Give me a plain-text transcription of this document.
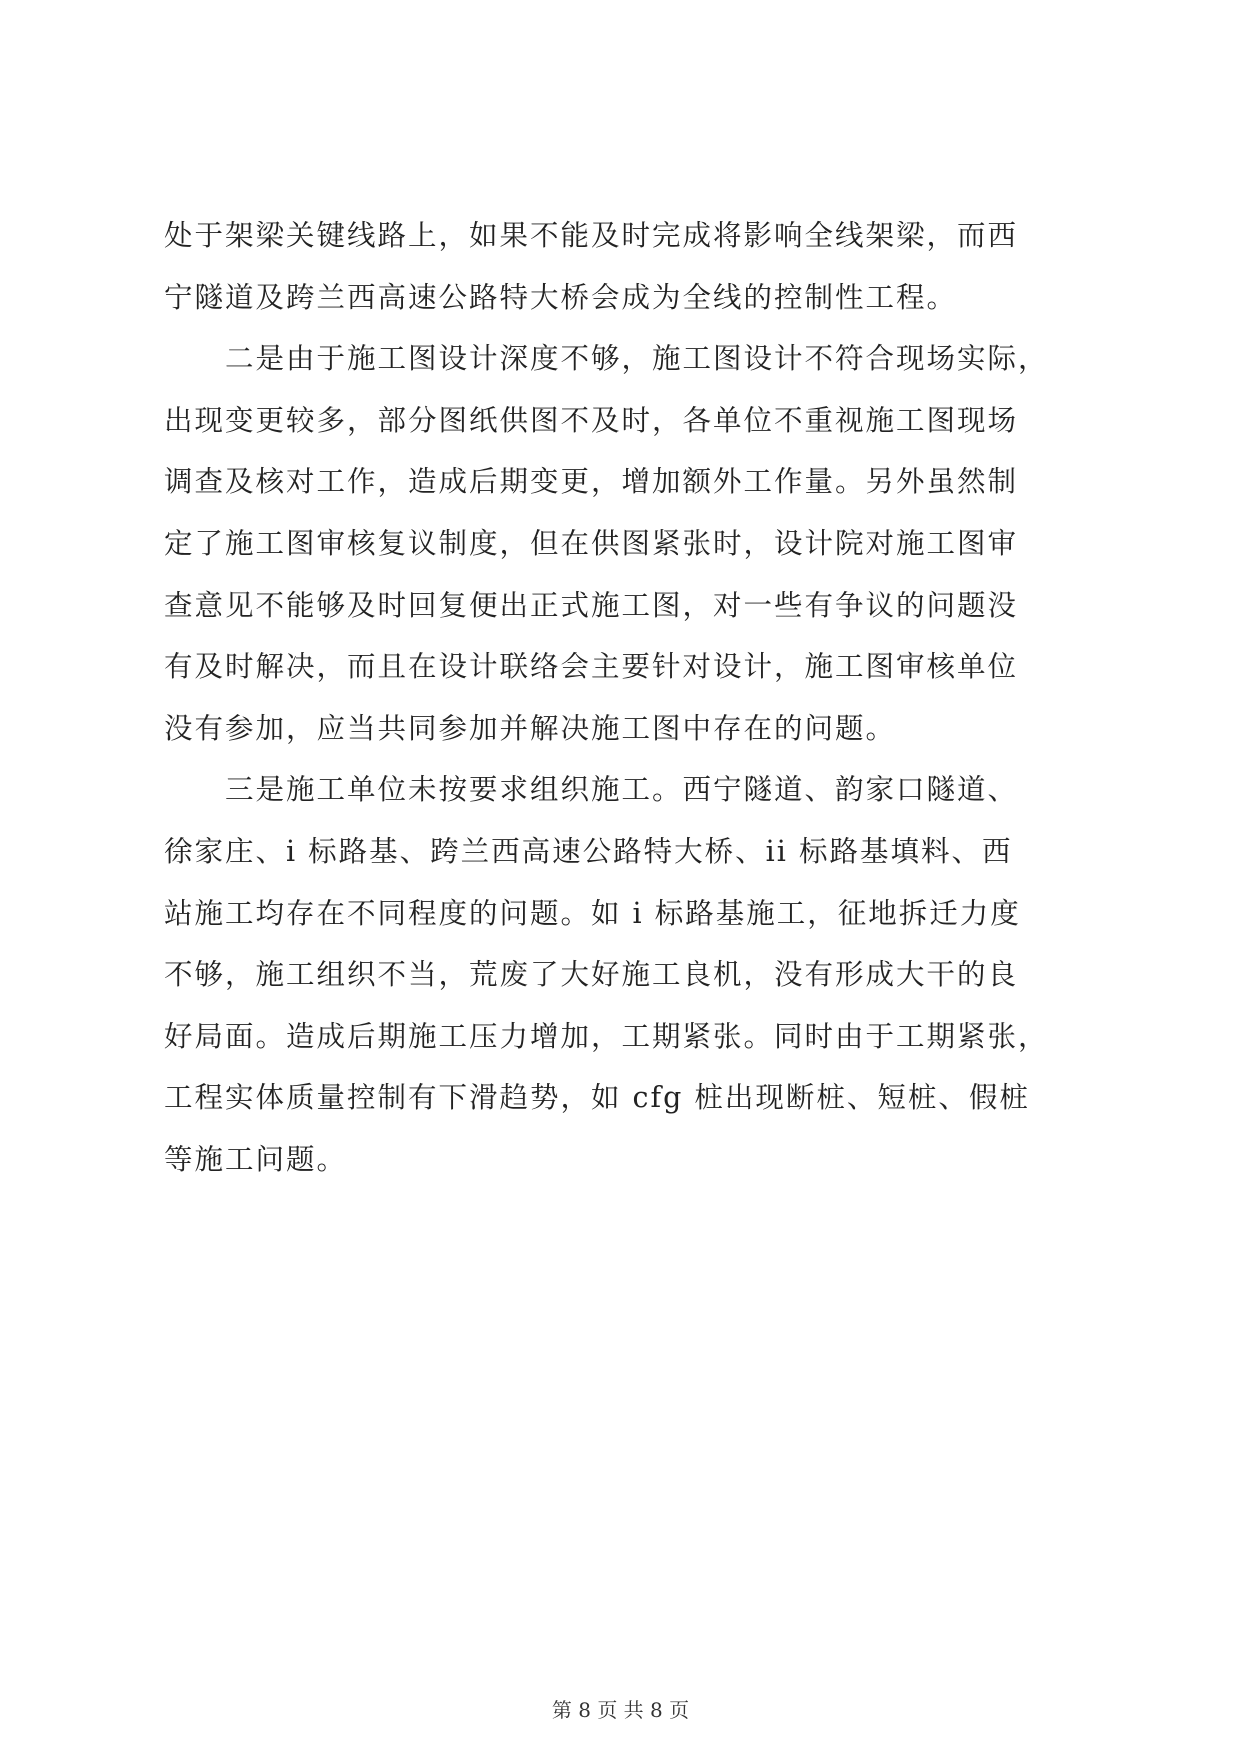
处于架梁关键线路上，如果不能及时完成将影响全线架梁，而西
宁隧道及跨兰西高速公路特大桥会成为全线的控制性工程。
　　二是由于施工图设计深度不够，施工图设计不符合现场实际，
出现变更较多，部分图纸供图不及时，各单位不重视施工图现场
调查及核对工作，造成后期变更，增加额外工作量。另外虽然制
定了施工图审核复议制度，但在供图紧张时，设计院对施工图审
查意见不能够及时回复便出正式施工图，对一些有争议的问题没
有及时解决，而且在设计联络会主要针对设计，施工图审核单位
没有参加，应当共同参加并解决施工图中存在的问题。
　　三是施工单位未按要求组织施工。西宁隧道、韵家口隧道、
徐家庄、i 标路基、跨兰西高速公路特大桥、ii 标路基填料、西
站施工均存在不同程度的问题。如 i 标路基施工，征地拆迁力度
不够，施工组织不当，荒废了大好施工良机，没有形成大干的良
好局面。造成后期施工压力增加，工期紧张。同时由于工期紧张，
工程实体质量控制有下滑趋势，如 cfg 桩出现断桩、短桩、假桩
等施工问题。
第 8 页 共 8 页
